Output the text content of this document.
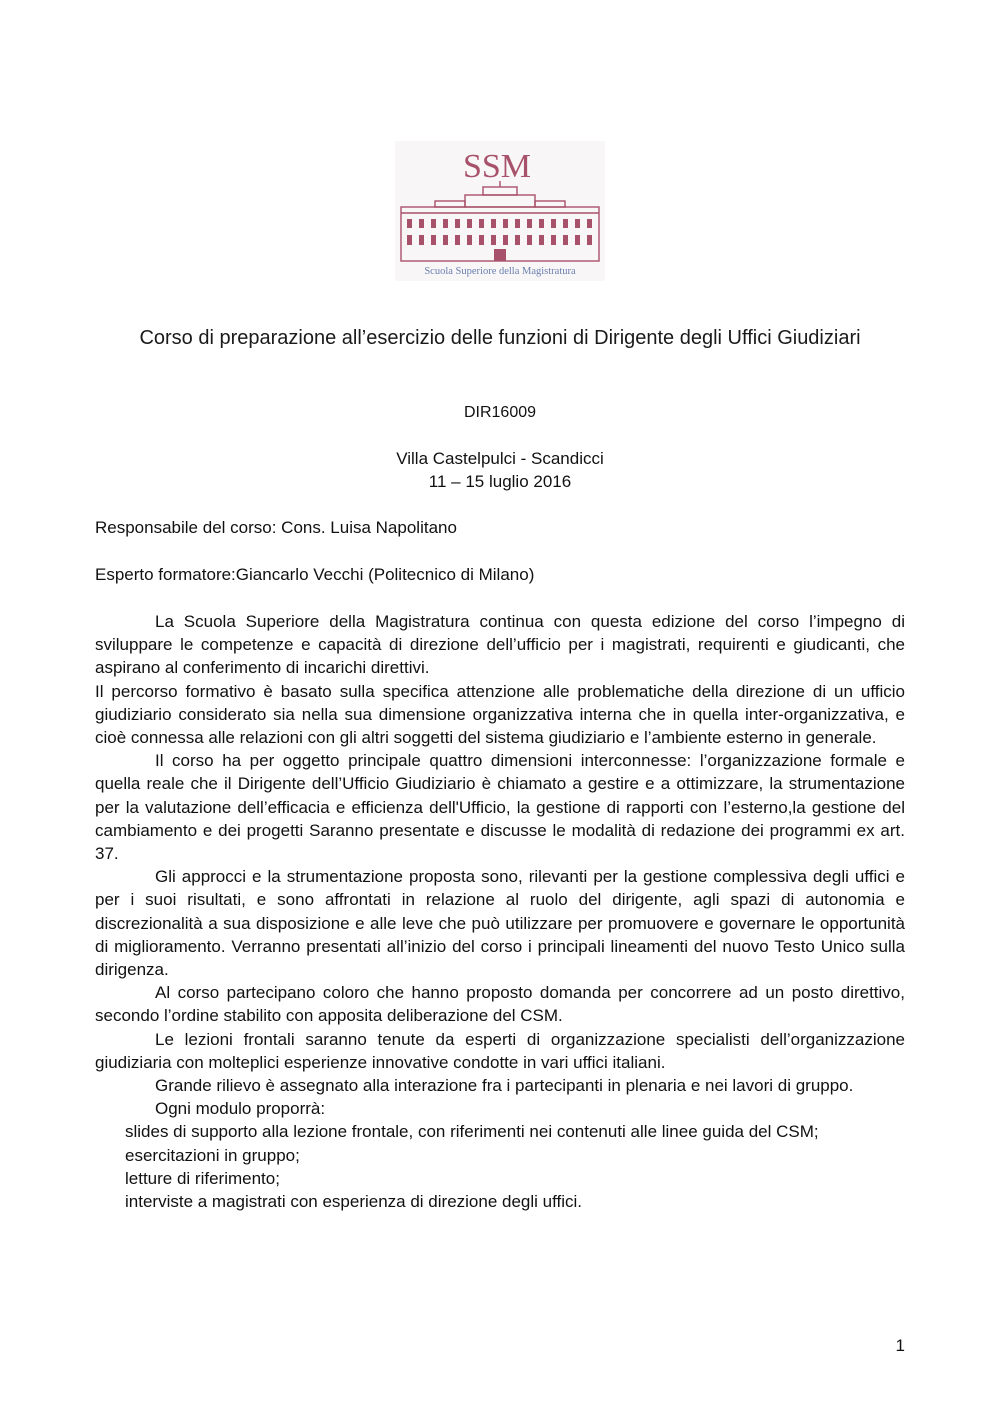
SSM
Scuola Superiore della Magistratura
Corso di preparazione all’esercizio delle funzioni di Dirigente degli Uffici Giudiziari
DIR16009
Villa Castelpulci - Scandicci
11 – 15 luglio 2016
Responsabile del corso: Cons. Luisa Napolitano
Esperto formatore:Giancarlo Vecchi (Politecnico di Milano)

La Scuola Superiore della Magistratura continua con questa edizione del corso l’impegno di sviluppare le competenze e capacità di direzione dell’ufficio per i magistrati, requirenti e giudicanti, che aspirano al conferimento di incarichi direttivi.

Il percorso formativo è basato sulla specifica attenzione alle problematiche della direzione di un ufficio giudiziario considerato sia nella sua dimensione organizzativa interna che in quella inter-organizzativa, e cioè connessa alle relazioni con gli altri soggetti del sistema giudiziario e l’ambiente esterno in generale.

Il corso ha per oggetto principale quattro dimensioni interconnesse: l’organizzazione formale e quella reale che il Dirigente dell’Ufficio Giudiziario è chiamato a gestire e a ottimizzare, la strumentazione per la valutazione dell’efficacia e efficienza dell'Ufficio, la gestione di rapporti con l’esterno,la gestione del cambiamento e dei progetti Saranno presentate e discusse le modalità di redazione dei programmi ex art. 37.

Gli approcci e la strumentazione proposta sono, rilevanti per la gestione complessiva degli uffici e per i suoi risultati, e sono affrontati in relazione al ruolo del dirigente, agli spazi di autonomia e discrezionalità a sua disposizione e alle leve che può utilizzare per promuovere e governare le opportunità di miglioramento. Verranno presentati all’inizio del corso i principali lineamenti del nuovo Testo Unico sulla dirigenza.

Al corso partecipano coloro che hanno proposto domanda per concorrere ad un posto direttivo, secondo l’ordine stabilito con apposita deliberazione del CSM.

Le lezioni frontali saranno tenute da esperti di organizzazione specialisti dell’organizzazione giudiziaria con molteplici esperienze innovative condotte in vari uffici italiani.

Grande rilievo è assegnato alla interazione fra i partecipanti in plenaria e nei lavori di gruppo.

Ogni modulo proporrà:

slides di supporto alla lezione frontale, con riferimenti nei contenuti alle linee guida del CSM;
esercitazioni in gruppo;
letture di riferimento;
interviste a magistrati con esperienza di direzione degli uffici.
1
